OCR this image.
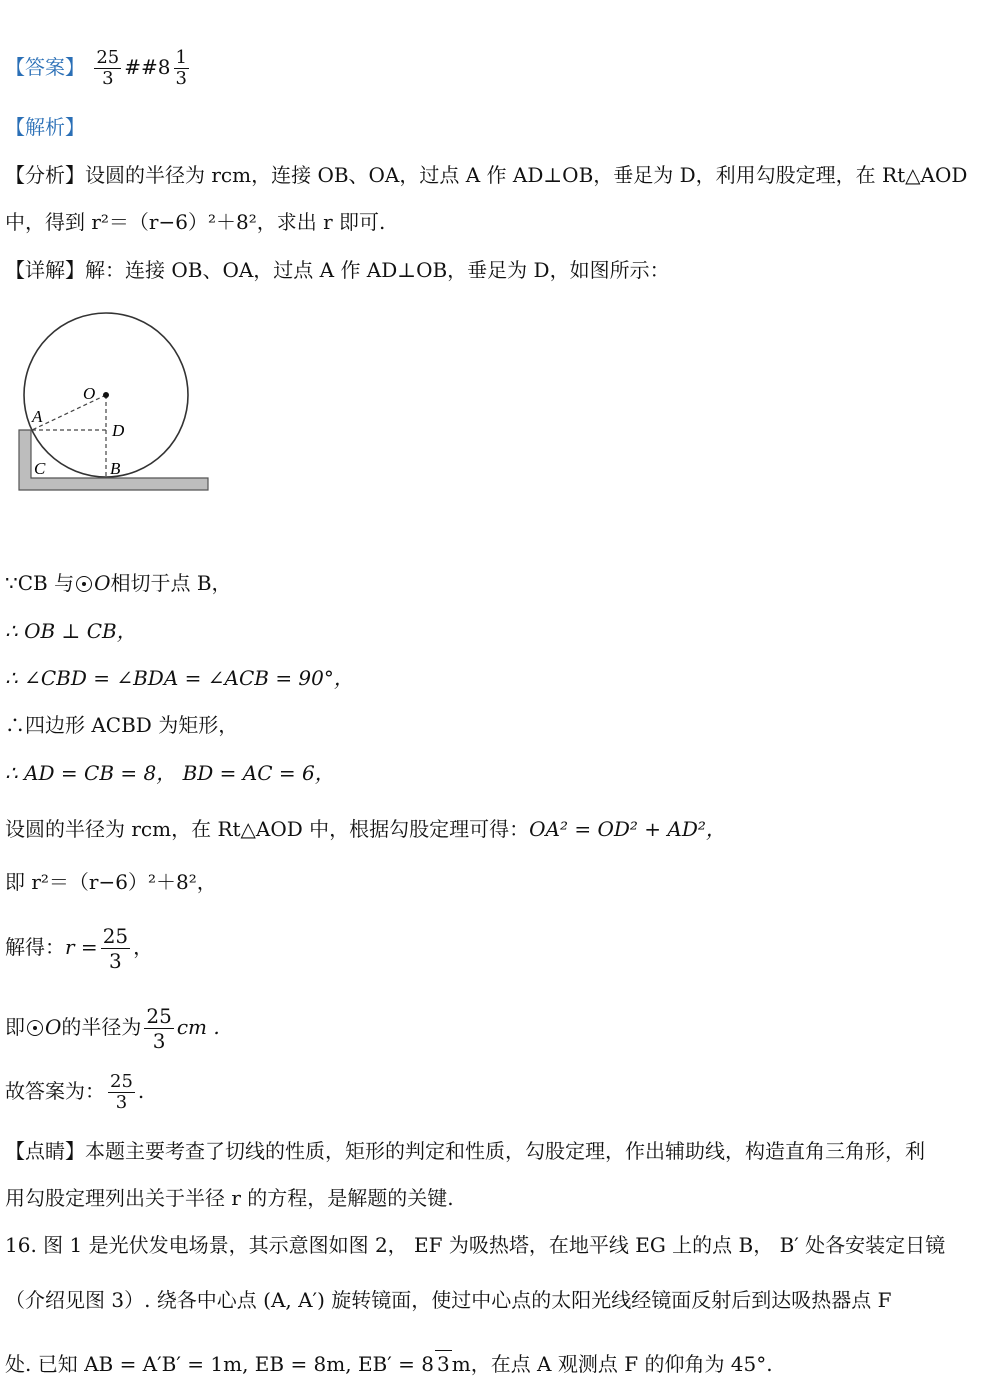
【答案】 $\frac{25}{3}$ ##8 $\frac{1}{3}$
【解析】
【分析】设圆的半径为 rcm，连接 OB、OA，过点 A 作 AD⊥OB，垂足为 D，利用勾股定理，在 Rt△AOD
中，得到 r²＝（r−6）²＋8²，求出 r 即可.
【详解】解：连接 OB、OA，过点 A 作 AD⊥OB，垂足为 D，如图所示：
O
A
D
C	B
∵CB 与 O相切于点 B，
∴ OB ⊥ CB，
∴ ∠CBD = ∠BDA = ∠ACB = 90°，
∴四边形 ACBD 为矩形，
∴ AD = CB = 8， BD = AC = 6，
设圆的半径为 rcm，在 Rt△AOD 中，根据勾股定理可得：OA² = OD² + AD²，
即 r²＝（r−6）²＋8²，
解得：$r = \frac{25}{3}$ ，
即 O的半径为 $\frac{25}{3}$ cm .
故答案为： $\frac{25}{3}$ .
【点睛】本题主要考查了切线的性质，矩形的判定和性质，勾股定理，作出辅助线，构造直角三角形，利
用勾股定理列出关于半径 r 的方程，是解题的关键.
16. 图 1 是光伏发电场景，其示意图如图 2， EF 为吸热塔，在地平线 EG 上的点 B， B′ 处各安装定日镜
（介绍见图 3）. 绕各中心点 (A, A′) 旋转镜面，使过中心点的太阳光线经镜面反射后到达吸热器点 F
处. 已知 AB = A′B′ = 1m, EB = 8m, EB′ = 8 3 m，在点 A 观测点 F 的仰角为 45°.
